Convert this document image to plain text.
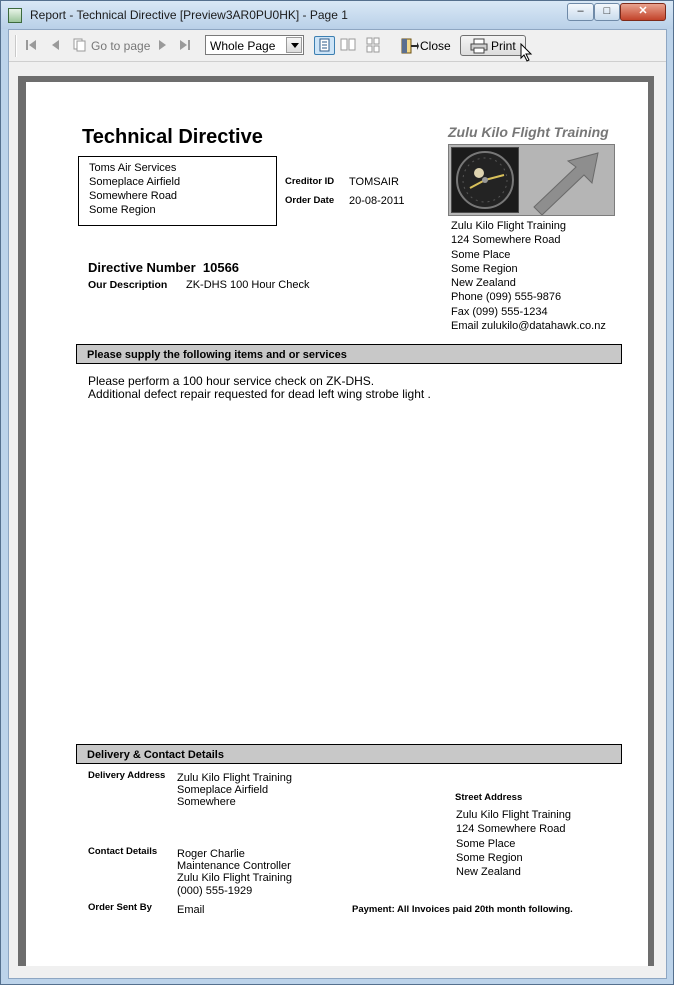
Report - Technical Directive [Preview3AR0PU0HK] - Page 1	–	□	✕
Go to page	Whole Page	Close	Print
Technical Directive
Toms Air Services
Someplace Airfield
Somewhere Road
Some Region
Creditor ID TOMSAIR
Order Date 20-08-2011
Zulu Kilo Flight Training
Zulu Kilo Flight Training
124 Somewhere Road
Some Place
Some Region
New Zealand
Phone (099) 555-9876
Fax (099) 555-1234
Email zulukilo@datahawk.co.nz
Directive Number 10566
Our Description ZK-DHS 100 Hour Check
Please supply the following items and or services
Please perform a 100 hour service check on ZK-DHS.
Additional defect repair requested for dead left wing strobe light .
Delivery & Contact Details
Delivery Address Zulu Kilo Flight Training
Someplace Airfield
Somewhere	Street Address
Zulu Kilo Flight Training
124 Somewhere Road
Some Place
Some Region
New Zealand
Contact Details Roger Charlie
Maintenance Controller
Zulu Kilo Flight Training
(000) 555-1929
Order Sent By Email	Payment: All Invoices paid 20th month following.
